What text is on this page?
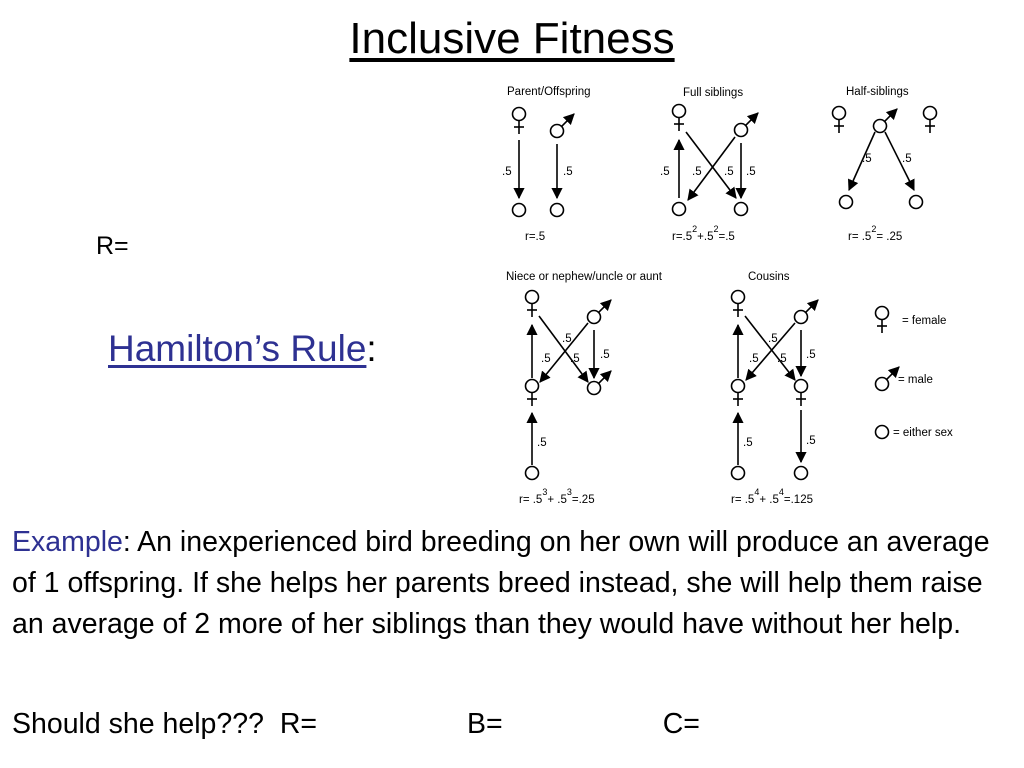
Inclusive Fitness
R=
Hamilton’s Rule:
Parent/Offspring	Full siblings	Half-siblings
Niece or nephew/uncle or aunt	Cousins
.5	.5	.5 .5 .5 .5
.5	.5
.5
.5 .5 .5
.5
.5
.5 .5 .5
.5	.5
r=.5	$r=.5^2+.5^2=.5$	$r= .5^2= .25$
$r= .5^3+ .5^3=.25$	$r= .5^4+ .5^4=.125$
= female
= male
= either sex
Example: An inexperienced bird breeding on her own will produce an average of 1 offspring. If she helps her parents breed instead, she will help them raise an average of 2 more of her siblings than they would have without her help.
Should she help??? R=	B=	C=
